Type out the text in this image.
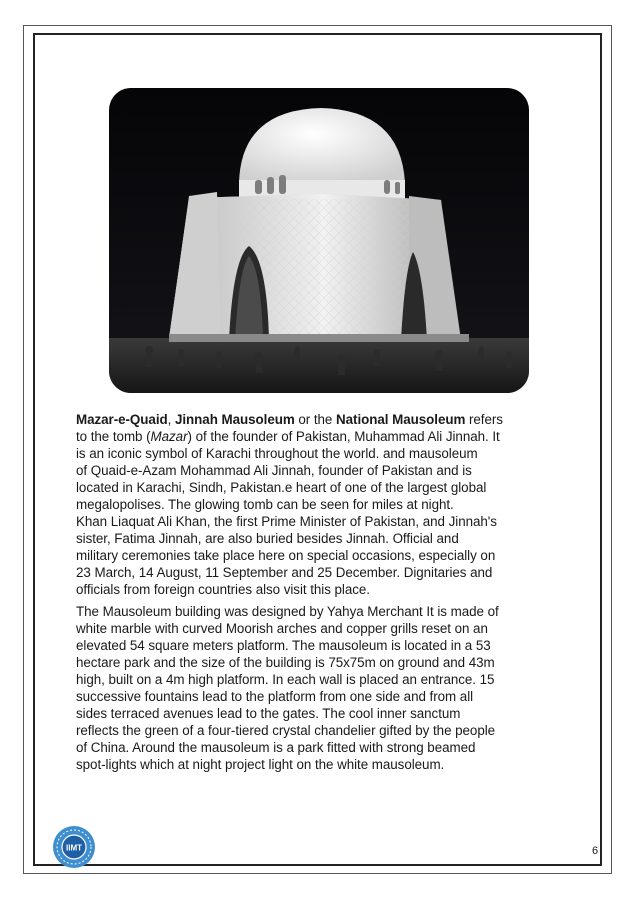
Mazar-e-Quaid, Jinnah Mausoleum or the National Mausoleum refers
to the tomb (Mazar) of the founder of Pakistan, Muhammad Ali Jinnah. It
is an iconic symbol of Karachi throughout the world. and mausoleum
of Quaid-e-Azam Mohammad Ali Jinnah, founder of Pakistan and is
located in Karachi, Sindh, Pakistan.e heart of one of the largest global
megalopolises. The glowing tomb can be seen for miles at night.
Khan Liaquat Ali Khan, the first Prime Minister of Pakistan, and Jinnah's
sister, Fatima Jinnah, are also buried besides Jinnah. Official and
military ceremonies take place here on special occasions, especially on
23 March, 14 August, 11 September and 25 December. Dignitaries and
officials from foreign countries also visit this place.
The Mausoleum building was designed by Yahya Merchant It is made of
white marble with curved Moorish arches and copper grills reset on an
elevated 54 square meters platform. The mausoleum is located in a 53
hectare park and the size of the building is 75x75m on ground and 43m
high, built on a 4m high platform. In each wall is placed an entrance. 15
successive fountains lead to the platform from one side and from all
sides terraced avenues lead to the gates. The cool inner sanctum
reflects the green of a four-tiered crystal chandelier gifted by the people
of China. Around the mausoleum is a park fitted with strong beamed
spot-lights which at night project light on the white mausoleum.
IIMT	6
